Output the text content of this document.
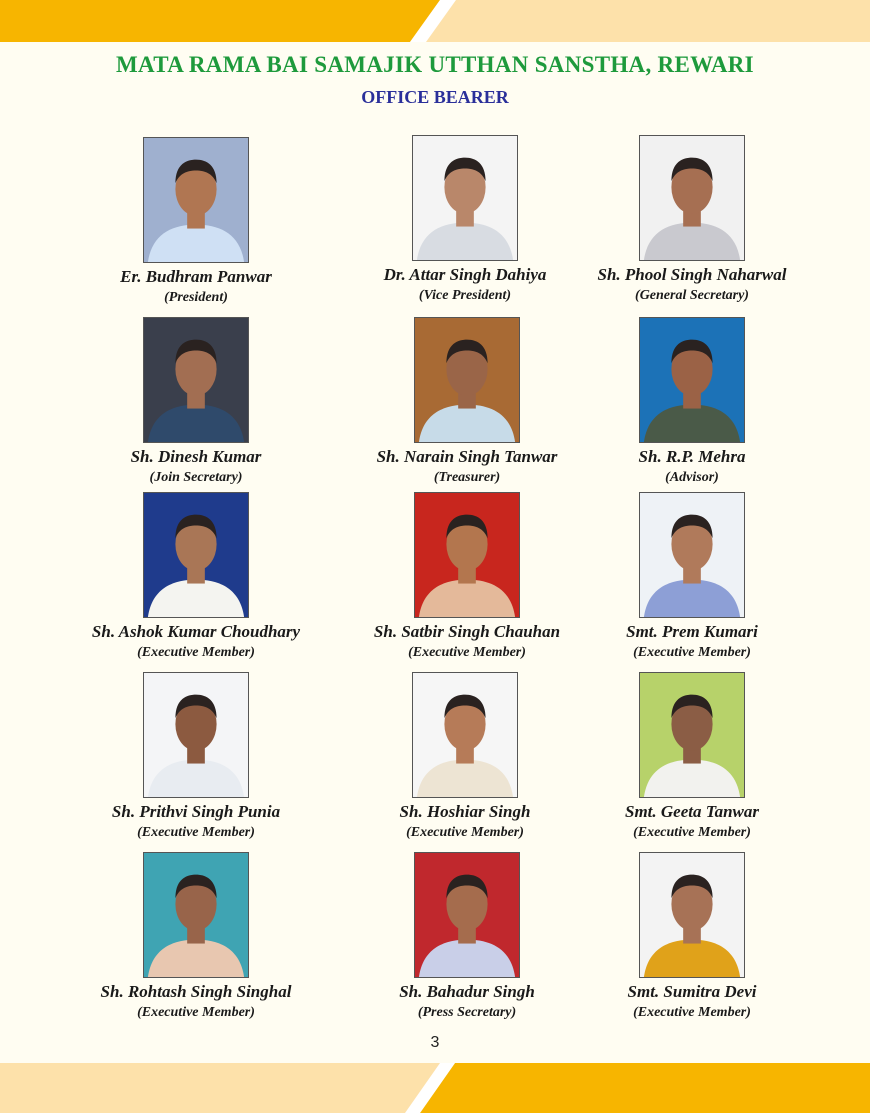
MATA RAMA BAI SAMAJIK UTTHAN SANSTHA, REWARI
OFFICE BEARER
Er. Budhram Panwar
(President)
Dr. Attar Singh Dahiya
(Vice President)
Sh. Phool Singh Naharwal
(General Secretary)
Sh. Dinesh Kumar
(Join Secretary)
Sh. Narain Singh Tanwar
(Treasurer)
Sh. R.P. Mehra
(Advisor)
Sh. Ashok Kumar Choudhary
(Executive Member)
Sh. Satbir Singh Chauhan
(Executive Member)
Smt. Prem Kumari
(Executive Member)
Sh. Prithvi Singh Punia
(Executive Member)
Sh. Hoshiar Singh
(Executive Member)
Smt. Geeta Tanwar
(Executive Member)
Sh. Rohtash Singh Singhal
(Executive Member)
Sh. Bahadur Singh
(Press Secretary)
Smt. Sumitra Devi
(Executive Member)
3
